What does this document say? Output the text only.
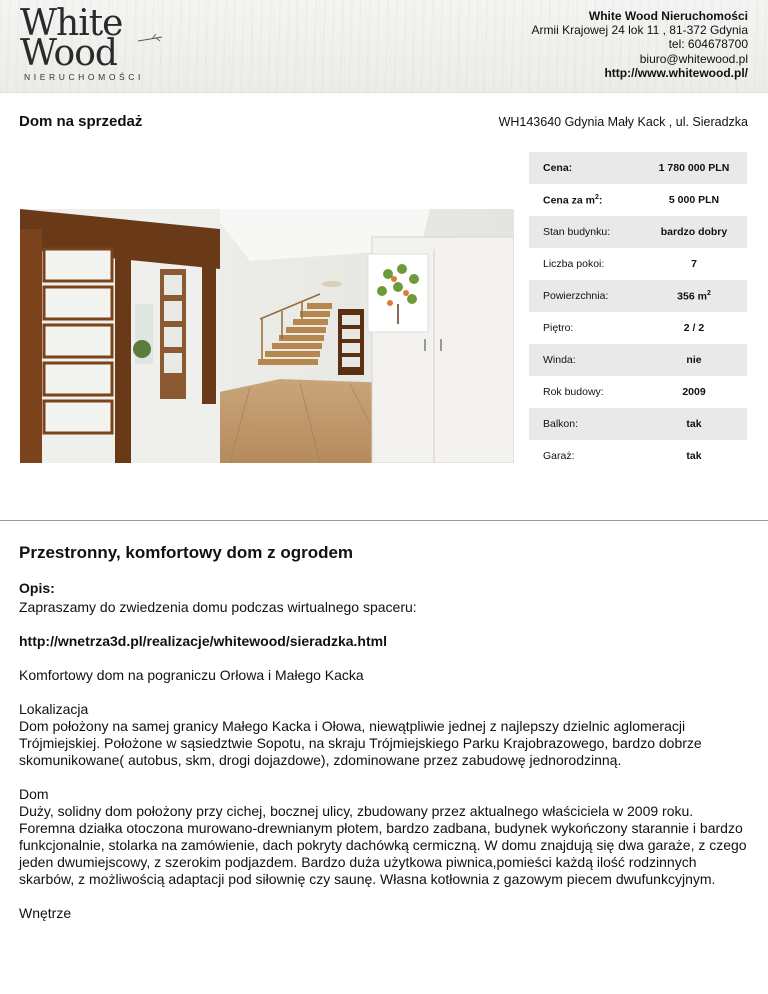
White
Wood
NIERUCHOMOŚCI
White Wood Nieruchomości
Armii Krajowej 24 lok 11 , 81-372 Gdynia
tel: 604678700
biuro@whitewood.pl
http://www.whitewood.pl/
Dom na sprzedaż	WH143640 Gdynia Mały Kack , ul. Sieradzka
Cena:	1 780 000 PLN
Cena za $m^2$:	5 000 PLN
Stan budynku:	bardzo dobry
Liczba pokoi:	7
Powierzchnia:	356 $m^2$
Piętro:	2 / 2
Winda:	nie
Rok budowy:	2009
Balkon:	tak
Garaż:	tak
Przestronny, komfortowy dom z ogrodem
Opis:

Zapraszamy do zwiedzenia domu podczas wirtualnego spaceru:

http://wnetrza3d.pl/realizacje/whitewood/sieradzka.html

Komfortowy dom na pograniczu Orłowa i Małego Kacka

Lokalizacja
Dom położony na samej granicy Małego Kacka i Ołowa, niewątpliwie jednej z najlepszy dzielnic aglomeracji Trójmiejskiej. Położone w sąsiedztwie Sopotu, na skraju Trójmiejskiego Parku Krajobrazowego, bardzo dobrze skomunikowane( autobus, skm, drogi dojazdowe), zdominowane przez zabudowę jednorodzinną.

Dom
Duży, solidny dom położony przy cichej, bocznej ulicy, zbudowany przez aktualnego właściciela w 2009 roku. Foremna działka otoczona murowano-drewnianym płotem, bardzo zadbana, budynek wykończony starannie i bardzo funkcjonalnie, stolarka na zamówienie, dach pokryty dachówką cermiczną. W domu znajdują się dwa garaże, z czego jeden dwumiejscowy, z szerokim podjazdem. Bardzo duża użytkowa piwnica,pomieści każdą ilość rodzinnych skarbów, z możliwością adaptacji pod siłownię czy saunę. Własna kotłownia z gazowym piecem dwufunkcyjnym.

Wnętrze
